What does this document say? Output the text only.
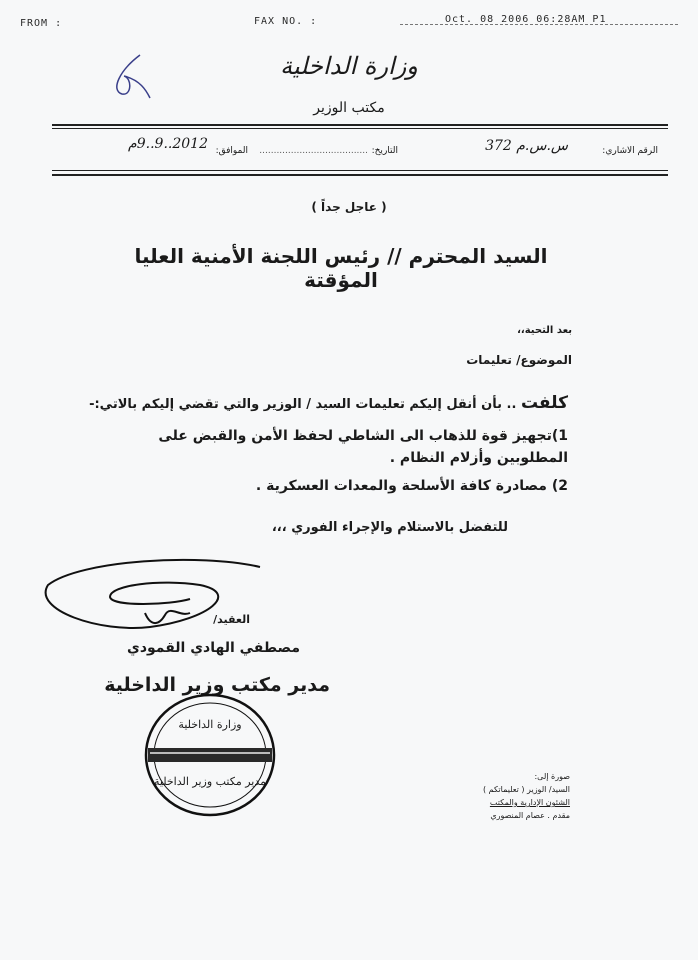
FROM :	FAX NO. :	Oct. 08 2006 06:28AM P1
وزارة الداخلية
مكتب الوزير
الرقم الاشاري:
س.س.م 372
التاريخ:
......................................
الموافق:
2012..9..9م
( عاجل جداً )
السيد المحترم // رئيس اللجنة الأمنية العليا المؤقتة
بعد التحية،،
الموضوع/ تعليمات
كلفت .. بأن أنقل إليكم تعليمات السيد / الوزير والتي تقضي إليكم بالاتي:-
1)تجهيز قوة للذهاب الى الشاطي لحفظ الأمن والقبض على المطلوبين وأزلام النظام .
2) مصادرة كافة الأسلحة والمعدات العسكرية .
للتفضل بالاستلام والإجراء الفوري ،،،
العقيد/
مصطفي الهادي القمودي
مدير مكتب وزير الداخلية
وزارة الداخلية
مدير مكتب وزير الداخلية	صورة إلى:
السيد/ الوزير ( تعليماتكم )
الشئون الإدارية والمكتب
مقدم . عصام المنصوري
